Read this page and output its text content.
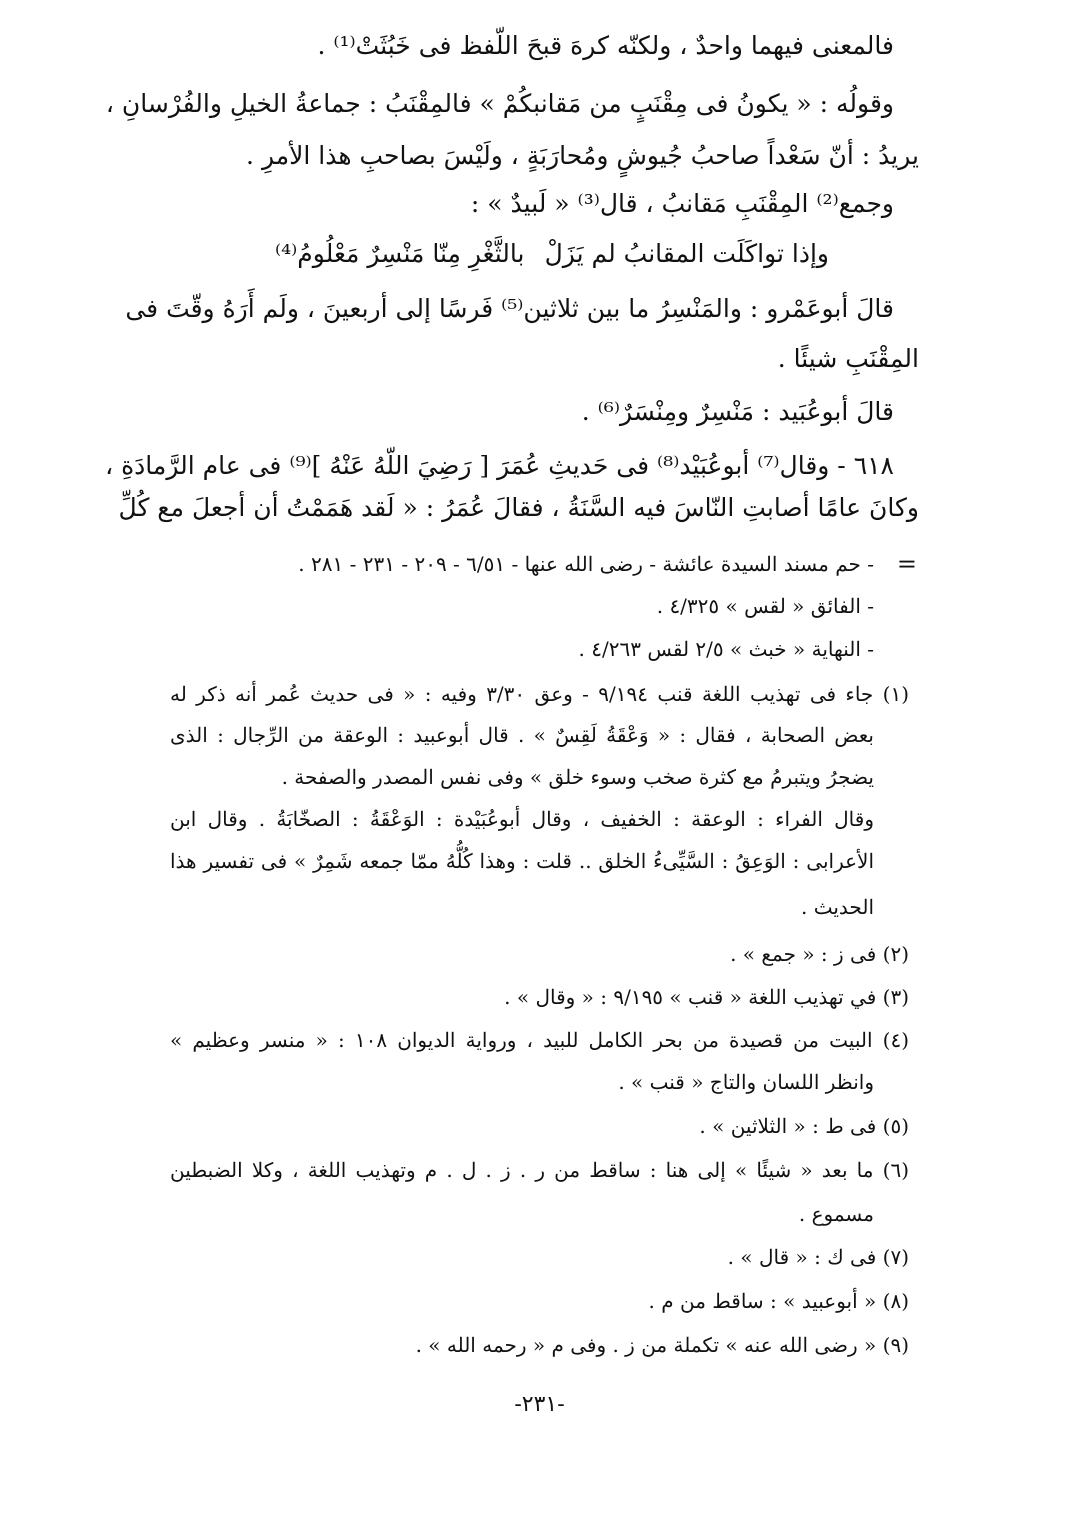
فالمعنى فيهما واحدٌ ، ولكنّه كرهَ قبحَ اللّفظ فى خَبُثَتْ⁽¹⁾ .
وقولُه : « يكونُ فى مِقْنَبٍ من مَقانبكُمْ » فالمِقْنَبُ : جماعةُ الخيلِ والفُرْسانِ ،
يريدُ : أنّ سَعْداً صاحبُ جُيوشٍ ومُحارَبَةٍ ، ولَيْسَ بصاحبِ هذا الأمرِ .
وجمع⁽²⁾ المِقْنَبِ مَقانبُ ، قال⁽³⁾ « لَبيدٌ » :
وإذا تواكَلَت المقانبُ لم يَزَلْ
بالثَّغْرِ مِنّا مَنْسِرٌ مَعْلُومُ⁽⁴⁾
قالَ أبوعَمْرو : والمَنْسِرُ ما بين ثلاثين⁽⁵⁾ فَرسًا إلى أربعينَ ، ولَم أَرَهُ وقّتَ فى
المِقْنَبِ شيئًا .
قالَ أبوعُبَيد : مَنْسِرٌ ومِنْسَرٌ⁽⁶⁾ .
٦١٨ - وقال⁽⁷⁾ أبوعُبَيْد⁽⁸⁾ فى حَديثِ عُمَرَ [ رَضِيَ اللّهُ عَنْهُ ]⁽⁹⁾ فى عام الرَّمادَةِ ،
وكانَ عامًا أصابتِ النّاسَ فيه السَّنَةُ ، فقالَ عُمَرُ : « لَقد هَمَمْتُ أن أجعلَ مع كُلِّ
=
- حم مسند السيدة عائشة - رضى الله عنها - ٦/٥١ - ٢٠٩ - ٢٣١ - ٢٨١ .
- الفائق « لقس » ٤/٣٢٥ .
- النهاية « خبث » ٢/٥ لقس ٤/٢٦٣ .
(١) جاء فى تهذيب اللغة قنب ٩/١٩٤ - وعق ٣/٣٠ وفيه : « فى حديث عُمر أنه ذكر له
بعض الصحابة ، فقال : « وَعْقَةُ لَقِسٌ » . قال أبوعبيد : الوعقة من الرِّجال : الذى
يضجرُ ويتبرمُ مع كثرة صخب وسوء خلق » وفى نفس المصدر والصفحة .
وقال الفراء : الوعقة : الخفيف ، وقال أبوعُبَيْدة : الوَعْقَةُ : الصخّابَةُ . وقال ابن
الأعرابى : الوَعِقُ : السَّيِّىءُ الخلق .. قلت : وهذا كُلُّهُ ممّا جمعه شَمِرٌ » فى تفسير هذا
الحديث .
(٢) فى ز : « جمع » .
(٣) في تهذيب اللغة « قنب » ٩/١٩٥ : « وقال » .
(٤) البيت من قصيدة من بحر الكامل للبيد ، ورواية الديوان ١٠٨ : « منسر وعظيم »
وانظر اللسان والتاج « قنب » .
(٥) فى ط : « الثلاثين » .
(٦) ما بعد « شيئًا » إلى هنا : ساقط من ر . ز . ل . م وتهذيب اللغة ، وكلا الضبطين
مسموع .
(٧) فى ك : « قال » .
(٨) « أبوعبيد » : ساقط من م .
(٩) « رضى الله عنه » تكملة من ز . وفى م « رحمه الله » .
-٢٣١-
